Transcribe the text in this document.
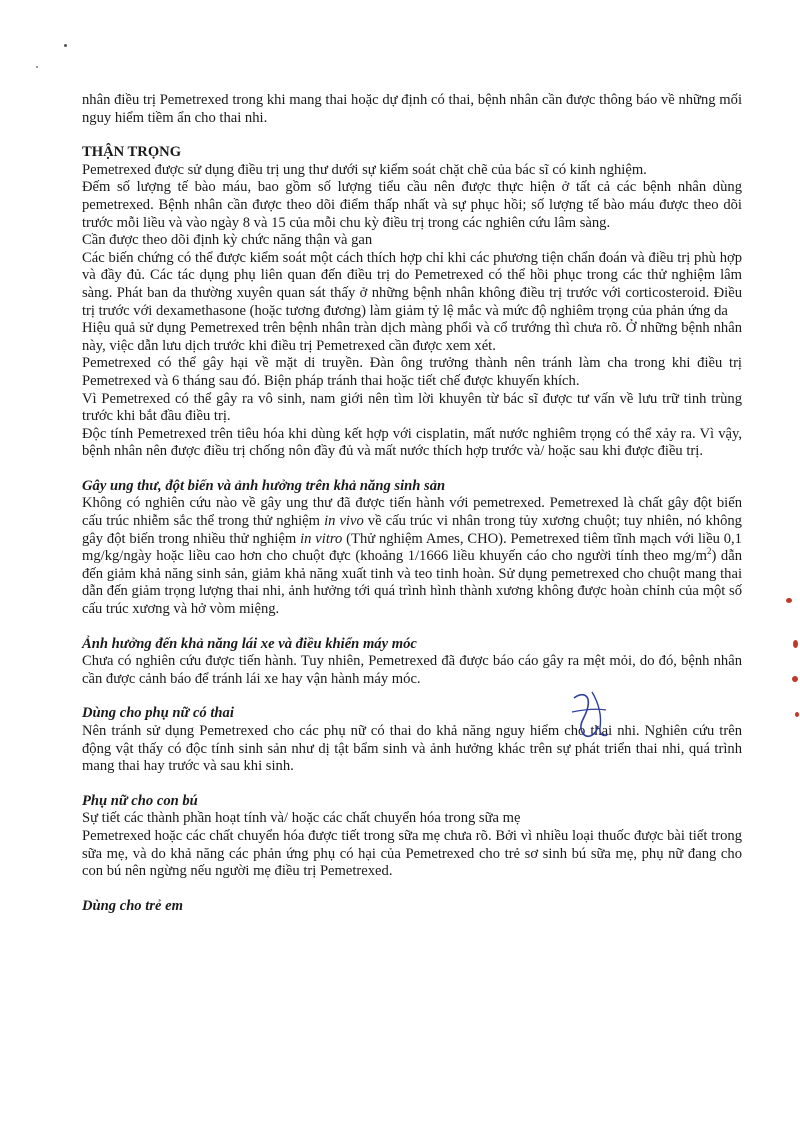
nhân điều trị Pemetrexed trong khi mang thai hoặc dự định có thai, bệnh nhân cần được thông báo về những mối nguy hiểm tiềm ẩn cho thai nhi.

THẬN TRỌNG

Pemetrexed được sử dụng điều trị ung thư dưới sự kiểm soát chặt chẽ của bác sĩ có kinh nghiệm.

Đếm số lượng tế bào máu, bao gồm số lượng tiểu cầu nên được thực hiện ở tất cả các bệnh nhân dùng pemetrexed. Bệnh nhân cần được theo dõi điểm thấp nhất và sự phục hồi; số lượng tế bào máu được theo dõi trước mỗi liều và vào ngày 8 và 15 của mỗi chu kỳ điều trị trong các nghiên cứu lâm sàng.

Cần được theo dõi định kỳ chức năng thận và gan

Các biến chứng có thể được kiểm soát một cách thích hợp chỉ khi các phương tiện chẩn đoán và điều trị phù hợp và đầy đủ. Các tác dụng phụ liên quan đến điều trị do Pemetrexed có thể hồi phục trong các thử nghiệm lâm sàng. Phát ban da thường xuyên quan sát thấy ở những bệnh nhân không điều trị trước với corticosteroid. Điều trị trước với dexamethasone (hoặc tương đương) làm giảm tỷ lệ mắc và mức độ nghiêm trọng của phản ứng da

Hiệu quả sử dụng Pemetrexed trên bệnh nhân tràn dịch màng phổi và cổ trướng thì chưa rõ. Ở những bệnh nhân này, việc dẫn lưu dịch trước khi điều trị Pemetrexed cần được xem xét.

Pemetrexed có thể gây hại về mặt di truyền. Đàn ông trưởng thành nên tránh làm cha trong khi điều trị Pemetrexed và 6 tháng sau đó. Biện pháp tránh thai hoặc tiết chế được khuyến khích.

Vì Pemetrexed có thể gây ra vô sinh, nam giới nên tìm lời khuyên từ bác sĩ được tư vấn về lưu trữ tinh trùng trước khi bắt đầu điều trị.

Độc tính Pemetrexed trên tiêu hóa khi dùng kết hợp với cisplatin, mất nước nghiêm trọng có thể xảy ra. Vì vậy, bệnh nhân nên được điều trị chống nôn đầy đủ và mất nước thích hợp trước và/ hoặc sau khi được điều trị.

Gây ung thư, đột biến và ảnh hưởng trên khả năng sinh sản

Không có nghiên cứu nào về gây ung thư đã được tiến hành với pemetrexed. Pemetrexed là chất gây đột biến cấu trúc nhiễm sắc thể trong thử nghiệm in vivo về cấu trúc vi nhân trong tủy xương chuột; tuy nhiên, nó không gây đột biến trong nhiều thử nghiệm in vitro (Thử nghiệm Ames, CHO). Pemetrexed tiêm tĩnh mạch với liều 0,1 mg/kg/ngày hoặc liều cao hơn cho chuột đực (khoảng 1/1666 liều khuyến cáo cho người tính theo $mg/m^2$) dẫn đến giảm khả năng sinh sản, giảm khả năng xuất tinh và teo tinh hoàn. Sử dụng pemetrexed cho chuột mang thai dẫn đến giảm trọng lượng thai nhi, ảnh hưởng tới quá trình hình thành xương không được hoàn chỉnh của một số cấu trúc xương và hở vòm miệng.

Ảnh hưởng đến khả năng lái xe và điều khiển máy móc

Chưa có nghiên cứu được tiến hành. Tuy nhiên, Pemetrexed đã được báo cáo gây ra mệt mỏi, do đó, bệnh nhân cần được cảnh báo để tránh lái xe hay vận hành máy móc.

Dùng cho phụ nữ có thai

Nên tránh sử dụng Pemetrexed cho các phụ nữ có thai do khả năng nguy hiểm cho thai nhi. Nghiên cứu trên động vật thấy có độc tính sinh sản như dị tật bẩm sinh và ảnh hưởng khác trên sự phát triển thai nhi, quá trình mang thai hay trước và sau khi sinh.

Phụ nữ cho con bú

Sự tiết các thành phần hoạt tính và/ hoặc các chất chuyển hóa trong sữa mẹ

Pemetrexed hoặc các chất chuyển hóa được tiết trong sữa mẹ chưa rõ. Bởi vì nhiều loại thuốc được bài tiết trong sữa mẹ, và do khả năng các phản ứng phụ có hại của Pemetrexed cho trẻ sơ sinh bú sữa mẹ, phụ nữ đang cho con bú nên ngừng nếu người mẹ điều trị Pemetrexed.

Dùng cho trẻ em
